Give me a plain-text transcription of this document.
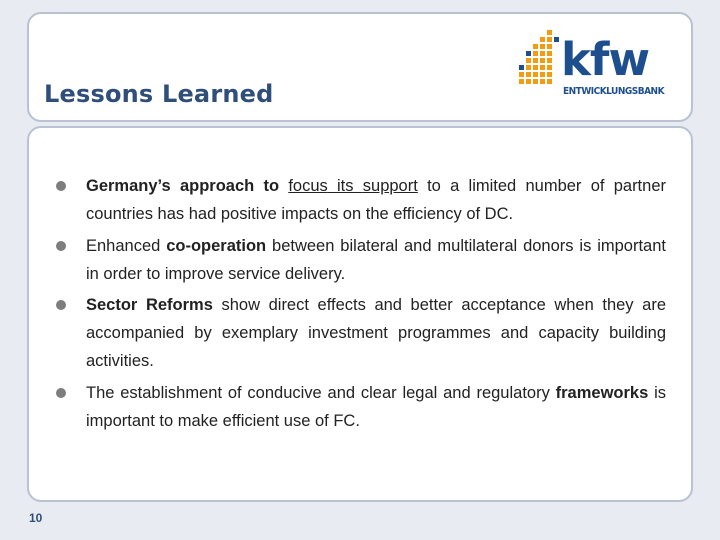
Lessons Learned
kfw
ENTWICKLUNGSBANK
Germany’s approach to focus its support to a limited number of partner countries has had positive impacts on the efficiency of DC.
Enhanced co-operation between bilateral and multilateral donors is important in order to improve service delivery.
Sector Reforms show direct effects and better acceptance when they are accompanied by exemplary investment programmes and capacity building activities.
The establishment of conducive and clear legal and regulatory frameworks is important to make efficient use of FC.
10
